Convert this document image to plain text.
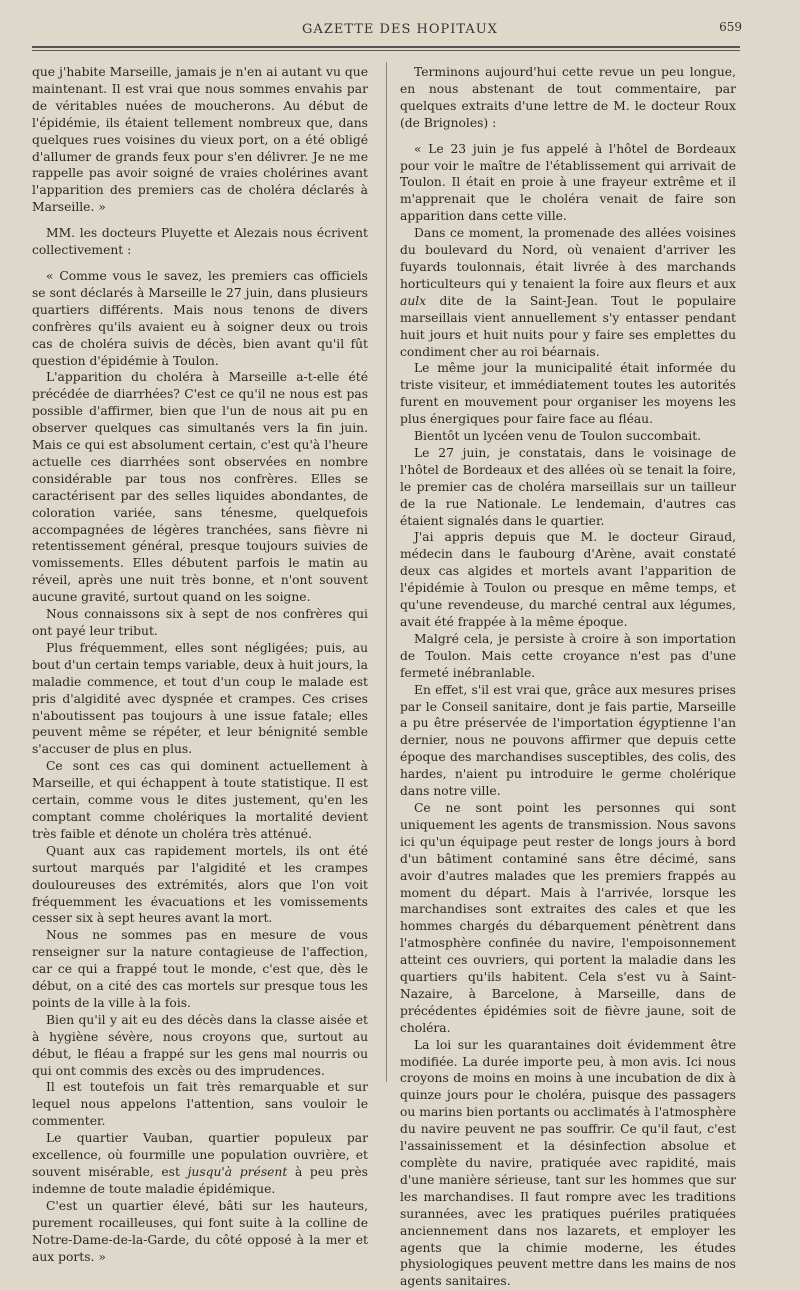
GAZETTE DES HOPITAUX	659

que j'habite Marseille, jamais je n'en ai autant vu que maintenant. Il est vrai que nous sommes envahis par de véritables nuées de moucherons. Au début de l'épidémie, ils étaient tellement nombreux que, dans quelques rues voisines du vieux port, on a été obligé d'allumer de grands feux pour s'en délivrer. Je ne me rappelle pas avoir soigné de vraies cholérines avant l'apparition des premiers cas de choléra déclarés à Marseille. »

MM. les docteurs Pluyette et Alezais nous écrivent collectivement :

« Comme vous le savez, les premiers cas officiels se sont déclarés à Marseille le 27 juin, dans plusieurs quartiers différents. Mais nous tenons de divers confrères qu'ils avaient eu à soigner deux ou trois cas de choléra suivis de décès, bien avant qu'il fût question d'épidémie à Toulon.

L'apparition du choléra à Marseille a-t-elle été précédée de diarrhées? C'est ce qu'il ne nous est pas possible d'affirmer, bien que l'un de nous ait pu en observer quelques cas simultanés vers la fin juin. Mais ce qui est absolument certain, c'est qu'à l'heure actuelle ces diarrhées sont observées en nombre considérable par tous nos confrères. Elles se caractérisent par des selles liquides abondantes, de coloration variée, sans ténesme, quelquefois accompagnées de légères tranchées, sans fièvre ni retentissement général, presque toujours suivies de vomissements. Elles débutent parfois le matin au réveil, après une nuit très bonne, et n'ont souvent aucune gravité, surtout quand on les soigne.

Nous connaissons six à sept de nos confrères qui ont payé leur tribut.

Plus fréquemment, elles sont négligées; puis, au bout d'un certain temps variable, deux à huit jours, la maladie commence, et tout d'un coup le malade est pris d'algidité avec dyspnée et crampes. Ces crises n'aboutissent pas toujours à une issue fatale; elles peuvent même se répéter, et leur bénignité semble s'accuser de plus en plus.

Ce sont ces cas qui dominent actuellement à Marseille, et qui échappent à toute statistique. Il est certain, comme vous le dites justement, qu'en les comptant comme cholériques la mortalité devient très faible et dénote un choléra très atténué.

Quant aux cas rapidement mortels, ils ont été surtout marqués par l'algidité et les crampes douloureuses des extrémités, alors que l'on voit fréquemment les évacuations et les vomissements cesser six à sept heures avant la mort.

Nous ne sommes pas en mesure de vous renseigner sur la nature contagieuse de l'affection, car ce qui a frappé tout le monde, c'est que, dès le début, on a cité des cas mortels sur presque tous les points de la ville à la fois.

Bien qu'il y ait eu des décès dans la classe aisée et à hygiène sévère, nous croyons que, surtout au début, le fléau a frappé sur les gens mal nourris ou qui ont commis des excès ou des imprudences.

Il est toutefois un fait très remarquable et sur lequel nous appelons l'attention, sans vouloir le commenter.

Le quartier Vauban, quartier populeux par excellence, où fourmille une population ouvrière, et souvent misérable, est jusqu'à présent à peu près indemne de toute maladie épidémique.

C'est un quartier élevé, bâti sur les hauteurs, purement rocailleuses, qui font suite à la colline de Notre-Dame-de-la-Garde, du côté opposé à la mer et aux ports. »

Terminons aujourd'hui cette revue un peu longue, en nous abstenant de tout commentaire, par quelques extraits d'une lettre de M. le docteur Roux (de Brignoles) :

« Le 23 juin je fus appelé à l'hôtel de Bordeaux pour voir le maître de l'établissement qui arrivait de Toulon. Il était en proie à une frayeur extrême et il m'apprenait que le choléra venait de faire son apparition dans cette ville.

Dans ce moment, la promenade des allées voisines du boulevard du Nord, où venaient d'arriver les fuyards toulonnais, était livrée à des marchands horticulteurs qui y tenaient la foire aux fleurs et aux aulx dite de la Saint-Jean. Tout le populaire marseillais vient annuellement s'y entasser pendant huit jours et huit nuits pour y faire ses emplettes du condiment cher au roi béarnais.

Le même jour la municipalité était informée du triste visiteur, et immédiatement toutes les autorités furent en mouvement pour organiser les moyens les plus énergiques pour faire face au fléau.

Bientôt un lycéen venu de Toulon succombait.

Le 27 juin, je constatais, dans le voisinage de l'hôtel de Bordeaux et des allées où se tenait la foire, le premier cas de choléra marseillais sur un tailleur de la rue Nationale. Le lendemain, d'autres cas étaient signalés dans le quartier.

J'ai appris depuis que M. le docteur Giraud, médecin dans le faubourg d'Arène, avait constaté deux cas algides et mortels avant l'apparition de l'épidémie à Toulon ou presque en même temps, et qu'une revendeuse, du marché central aux légumes, avait été frappée à la même époque.

Malgré cela, je persiste à croire à son importation de Toulon. Mais cette croyance n'est pas d'une fermeté inébranlable.

En effet, s'il est vrai que, grâce aux mesures prises par le Conseil sanitaire, dont je fais partie, Marseille a pu être préservée de l'importation égyptienne l'an dernier, nous ne pouvons affirmer que depuis cette époque des marchandises susceptibles, des colis, des hardes, n'aient pu introduire le germe cholérique dans notre ville.

Ce ne sont point les personnes qui sont uniquement les agents de transmission. Nous savons ici qu'un équipage peut rester de longs jours à bord d'un bâtiment contaminé sans être décimé, sans avoir d'autres malades que les premiers frappés au moment du départ. Mais à l'arrivée, lorsque les marchandises sont extraites des cales et que les hommes chargés du débarquement pénètrent dans l'atmosphère confinée du navire, l'empoisonnement atteint ces ouvriers, qui portent la maladie dans les quartiers qu'ils habitent. Cela s'est vu à Saint-Nazaire, à Barcelone, à Marseille, dans de précédentes épidémies soit de fièvre jaune, soit de choléra.

La loi sur les quarantaines doit évidemment être modifiée. La durée importe peu, à mon avis. Ici nous croyons de moins en moins à une incubation de dix à quinze jours pour le choléra, puisque des passagers ou marins bien portants ou acclimatés à l'atmosphère du navire peuvent ne pas souffrir. Ce qu'il faut, c'est l'assainissement et la désinfection absolue et complète du navire, pratiquée avec rapidité, mais d'une manière sérieuse, tant sur les hommes que sur les marchandises. Il faut rompre avec les traditions surannées, avec les pratiques puériles pratiquées anciennement dans nos lazarets, et employer les agents que la chimie moderne, les études physiologiques peuvent mettre dans les mains de nos agents sanitaires.
